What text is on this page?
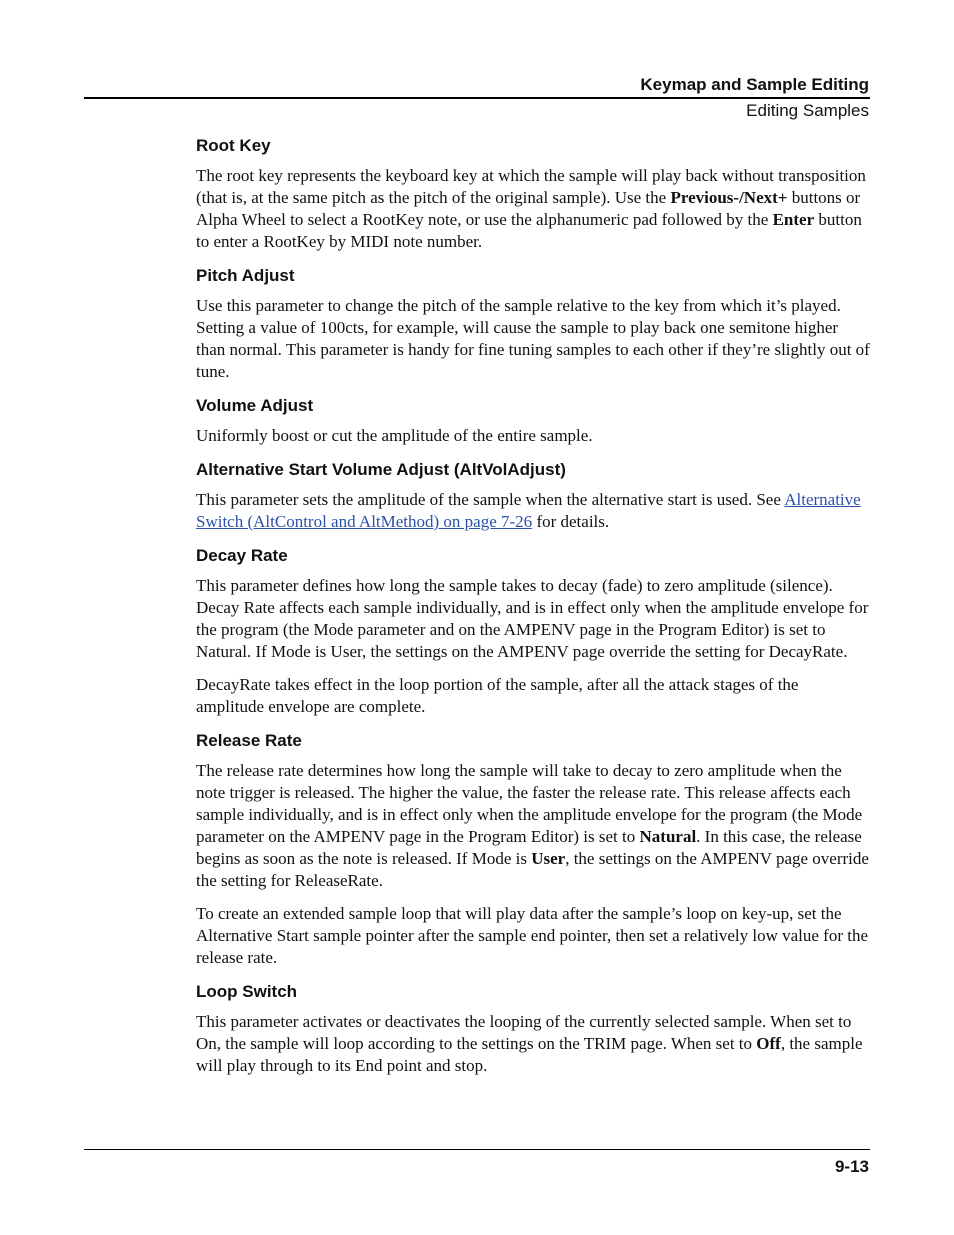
Keymap and Sample Editing
Editing Samples
Root Key

The root key represents the keyboard key at which the sample will play back without transposition (that is, at the same pitch as the pitch of the original sample). Use the Previous-/Next+ buttons or Alpha Wheel to select a RootKey note, or use the alphanumeric pad followed by the Enter button to enter a RootKey by MIDI note number.

Pitch Adjust

Use this parameter to change the pitch of the sample relative to the key from which it’s played. Setting a value of 100cts, for example, will cause the sample to play back one semitone higher than normal. This parameter is handy for fine tuning samples to each other if they’re slightly out of tune.

Volume Adjust

Uniformly boost or cut the amplitude of the entire sample.

Alternative Start Volume Adjust (AltVolAdjust)

This parameter sets the amplitude of the sample when the alternative start is used. See Alternative Switch (AltControl and AltMethod) on page 7-26 for details.

Decay Rate

This parameter defines how long the sample takes to decay (fade) to zero amplitude (silence). Decay Rate affects each sample individually, and is in effect only when the amplitude envelope for the program (the Mode parameter and on the AMPENV page in the Program Editor) is set to Natural. If Mode is User, the settings on the AMPENV page override the setting for DecayRate.

DecayRate takes effect in the loop portion of the sample, after all the attack stages of the amplitude envelope are complete.

Release Rate

The release rate determines how long the sample will take to decay to zero amplitude when the note trigger is released. The higher the value, the faster the release rate. This release affects each sample individually, and is in effect only when the amplitude envelope for the program (the Mode parameter on the AMPENV page in the Program Editor) is set to Natural. In this case, the release begins as soon as the note is released. If Mode is User, the settings on the AMPENV page override the setting for ReleaseRate.

To create an extended sample loop that will play data after the sample’s loop on key-up, set the Alternative Start sample pointer after the sample end pointer, then set a relatively low value for the release rate.

Loop Switch

This parameter activates or deactivates the looping of the currently selected sample. When set to On, the sample will loop according to the settings on the TRIM page. When set to Off, the sample will play through to its End point and stop.

9-13
